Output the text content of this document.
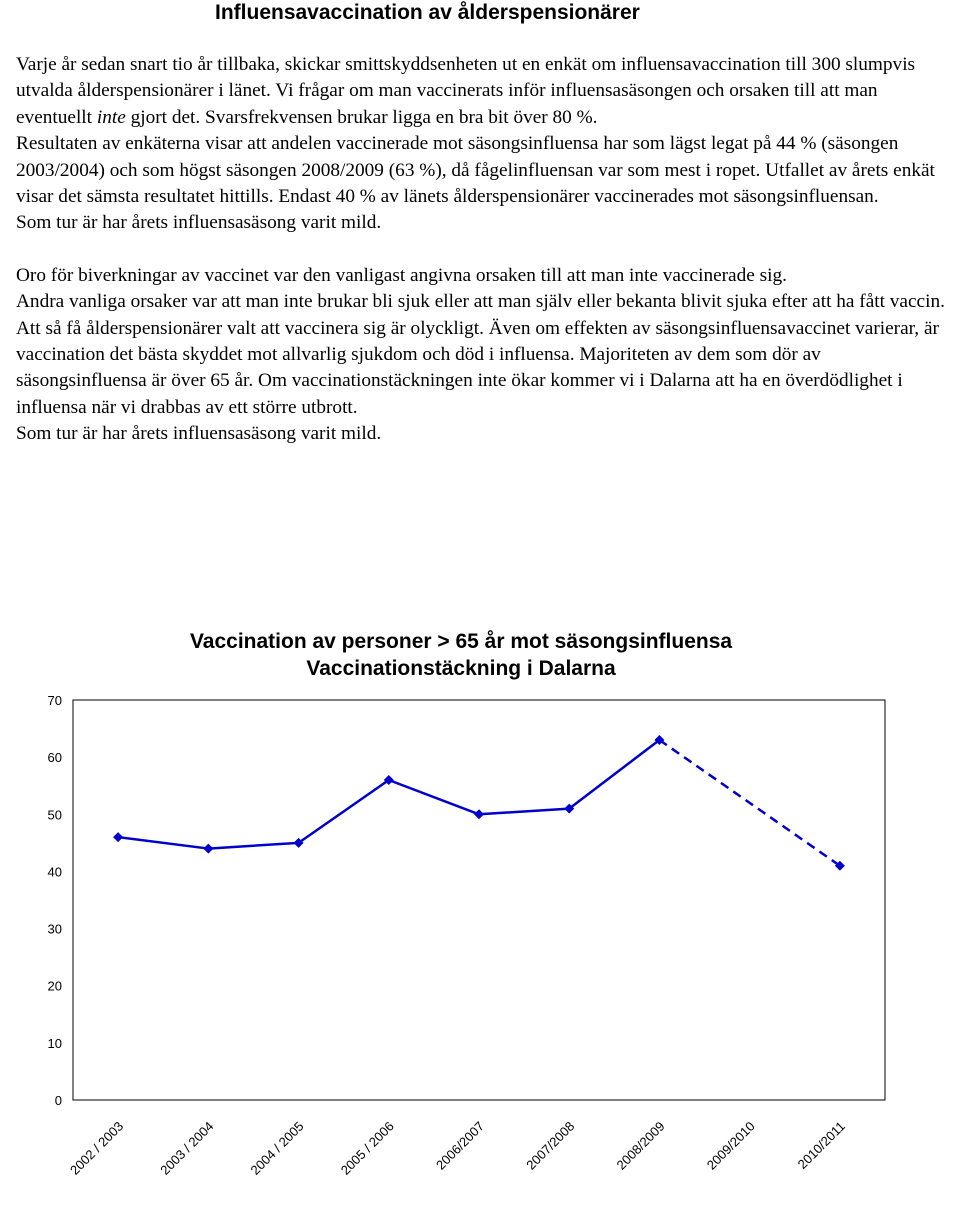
Influensavaccination av ålderspensionärer

Varje år sedan snart tio år tillbaka, skickar smittskyddsenheten ut en enkät om influensavaccination till 300 slumpvis utvalda ålderspensionärer i länet. Vi frågar om man vaccinerats inför influensasäsongen och orsaken till att man eventuellt inte gjort det. Svarsfrekvensen brukar ligga en bra bit över 80 %.
Resultaten av enkäterna visar att andelen vaccinerade mot säsongsinfluensa har som lägst legat på 44 % (säsongen 2003/2004) och som högst säsongen 2008/2009 (63 %), då fågelinfluensan var som mest i ropet. Utfallet av årets enkät visar det sämsta resultatet hittills. Endast 40 % av länets ålderspensionärer vaccinerades mot säsongsinfluensan.
Som tur är har årets influensasäsong varit mild.

Oro för biverkningar av vaccinet var den vanligast angivna orsaken till att man inte vaccinerade sig.
Andra vanliga orsaker var att man inte brukar bli sjuk eller att man själv eller bekanta blivit sjuka efter att ha fått vaccin.
Att så få ålderspensionärer valt att vaccinera sig är olyckligt. Även om effekten av säsongsinfluensavaccinet varierar, är vaccination det bästa skyddet mot allvarlig sjukdom och död i influensa. Majoriteten av dem som dör av säsongsinfluensa är över 65 år. Om vaccinationstäckningen inte ökar kommer vi i Dalarna att ha en överdödlighet i influensa när vi drabbas av ett större utbrott.
Som tur är har årets influensasäsong varit mild.

Vaccination av personer > 65 år mot säsongsinfluensa
Vaccinationstäckning i Dalarna
0
10
20
30
40
50
60
70
2002 / 2003 2003 / 2004 2004 / 2005 2005 / 2006	2006/2007	2007/2008	2008/2009	2009/2010	2010/2011
